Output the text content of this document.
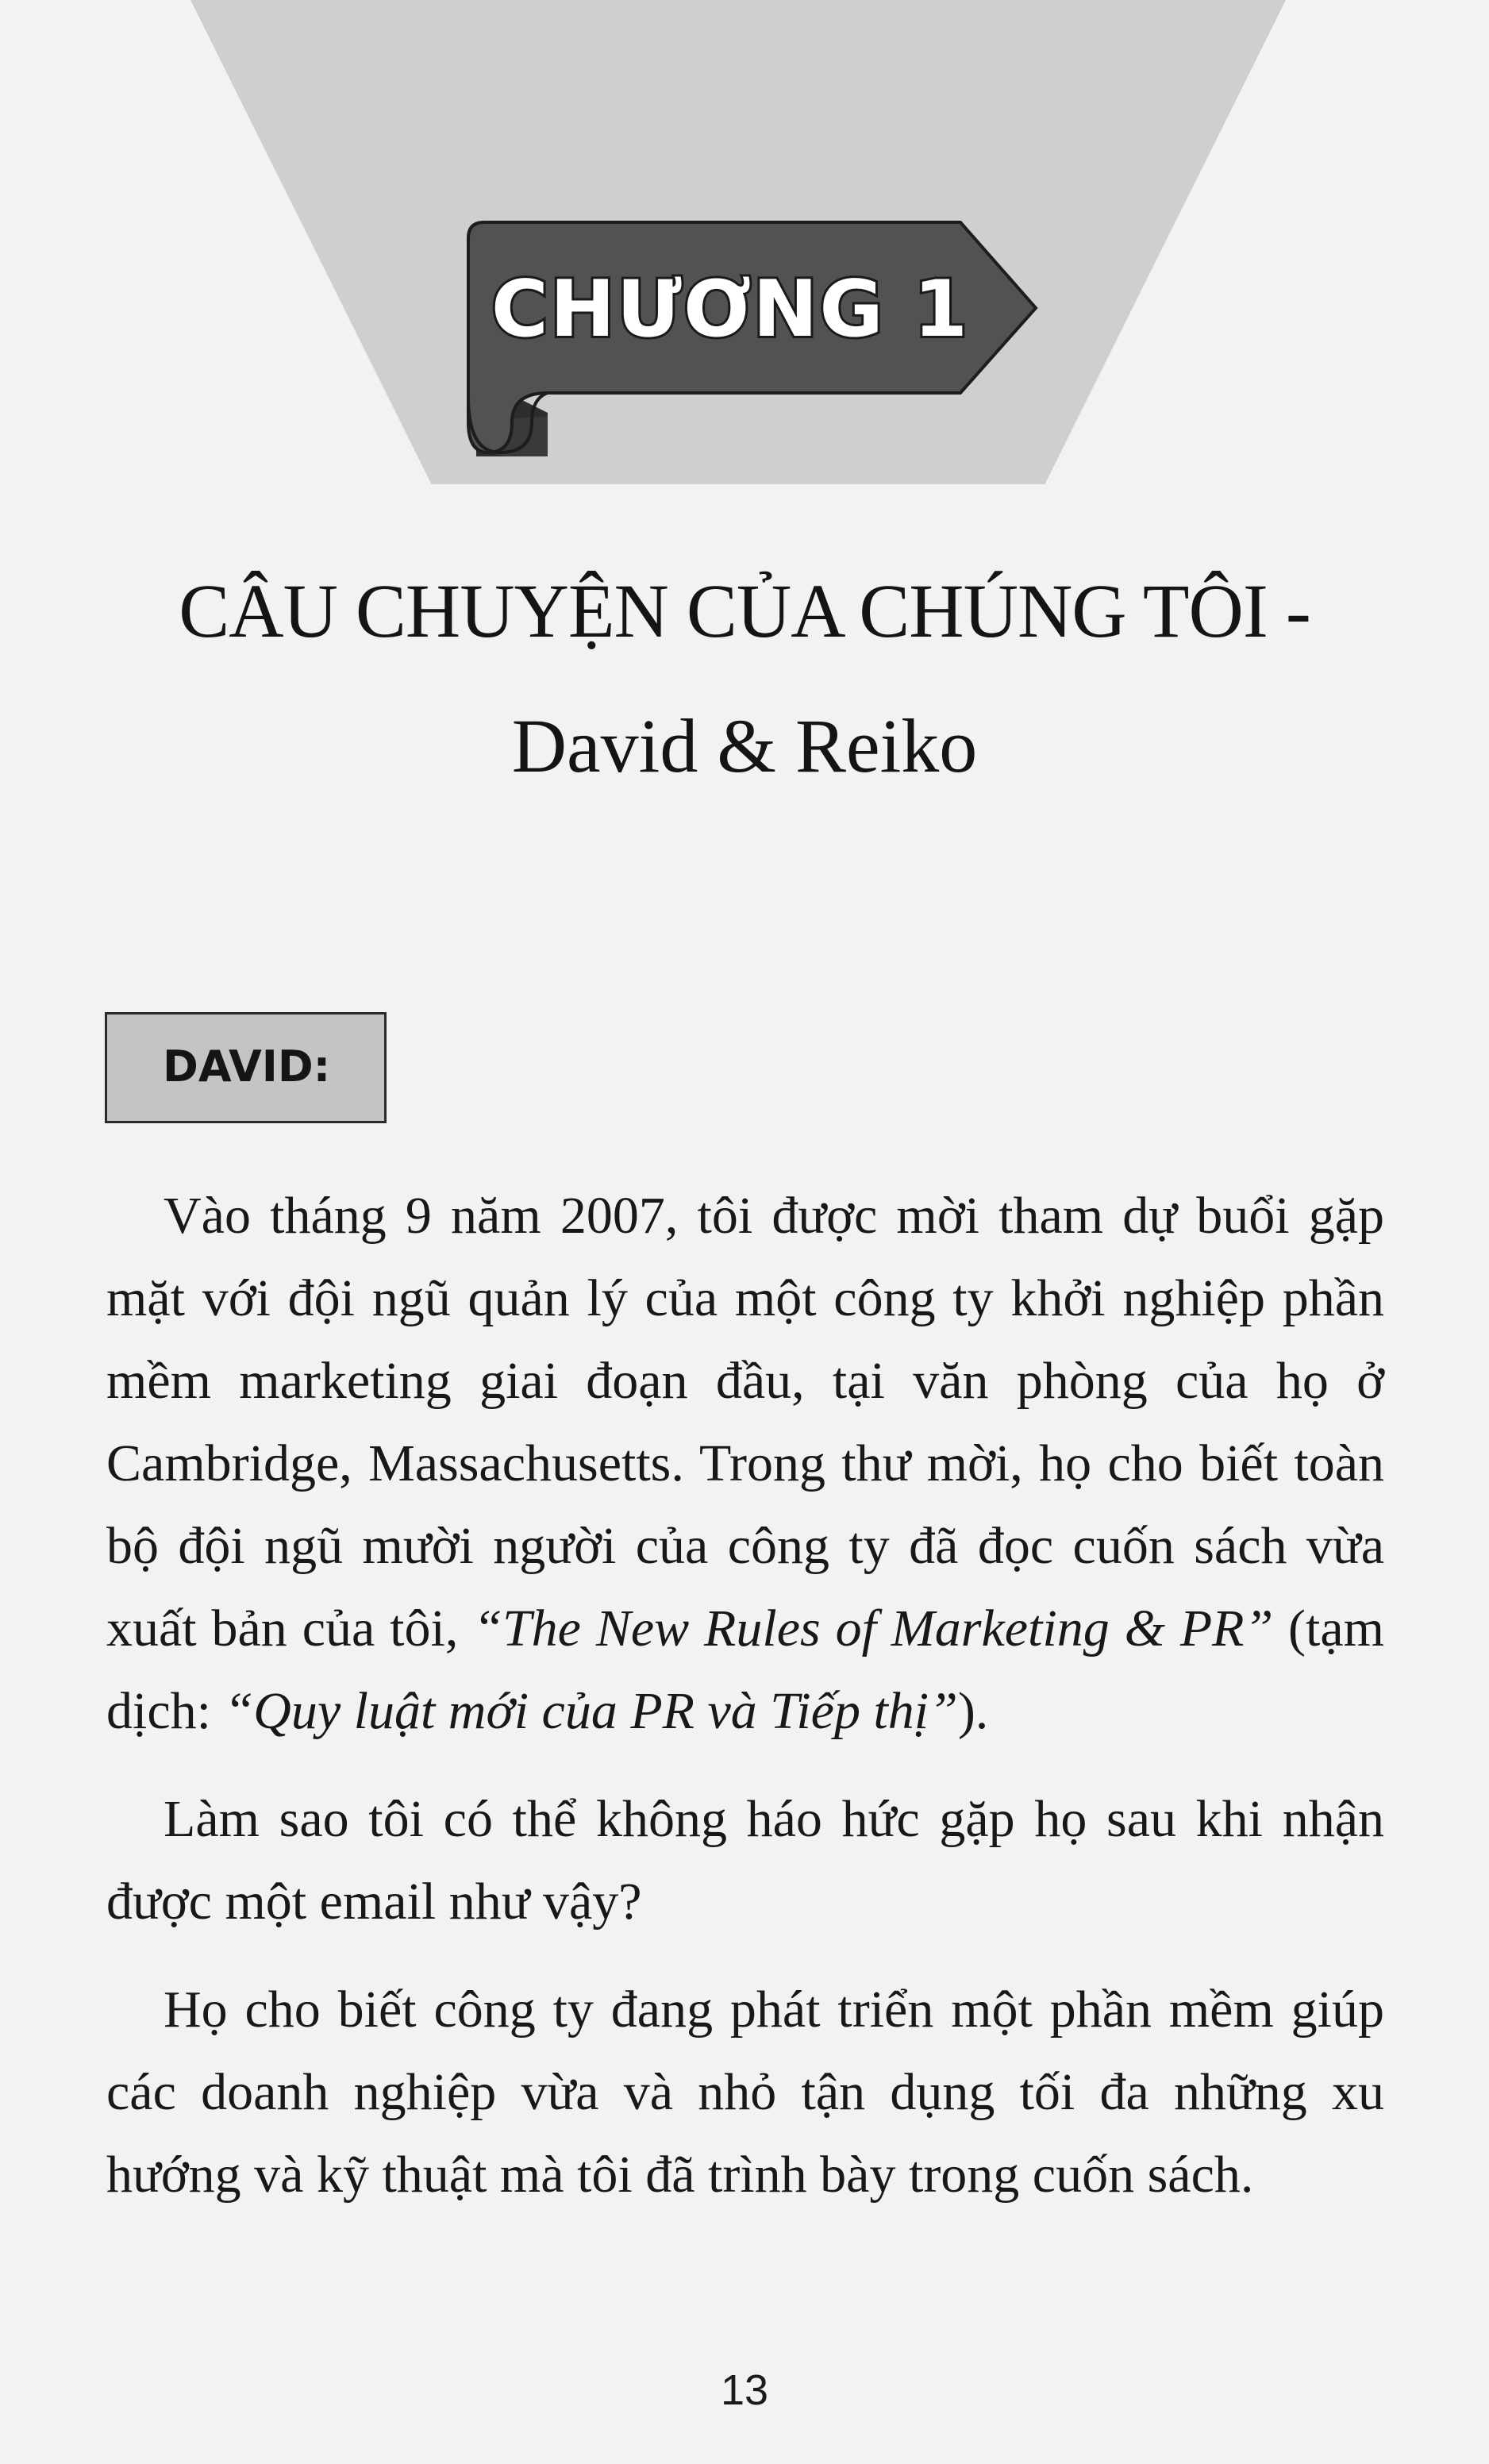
CHƯƠNG 1
CÂU CHUYỆN CỦA CHÚNG TÔI -
David & Reiko
DAVID:
Vào tháng 9 năm 2007, tôi được mời tham dự buổi gặp mặt với đội ngũ quản lý của một công ty khởi nghiệp phần mềm marketing giai đoạn đầu, tại văn phòng của họ ở Cambridge, Massachusetts. Trong thư mời, họ cho biết toàn bộ đội ngũ mười người của công ty đã đọc cuốn sách vừa xuất bản của tôi, “The New Rules of Marketing & PR” (tạm dịch: “Quy luật mới của PR và Tiếp thị”).
Làm sao tôi có thể không háo hức gặp họ sau khi nhận được một email như vậy?
Họ cho biết công ty đang phát triển một phần mềm giúp các doanh nghiệp vừa và nhỏ tận dụng tối đa những xu hướng và kỹ thuật mà tôi đã trình bày trong cuốn sách.
13
